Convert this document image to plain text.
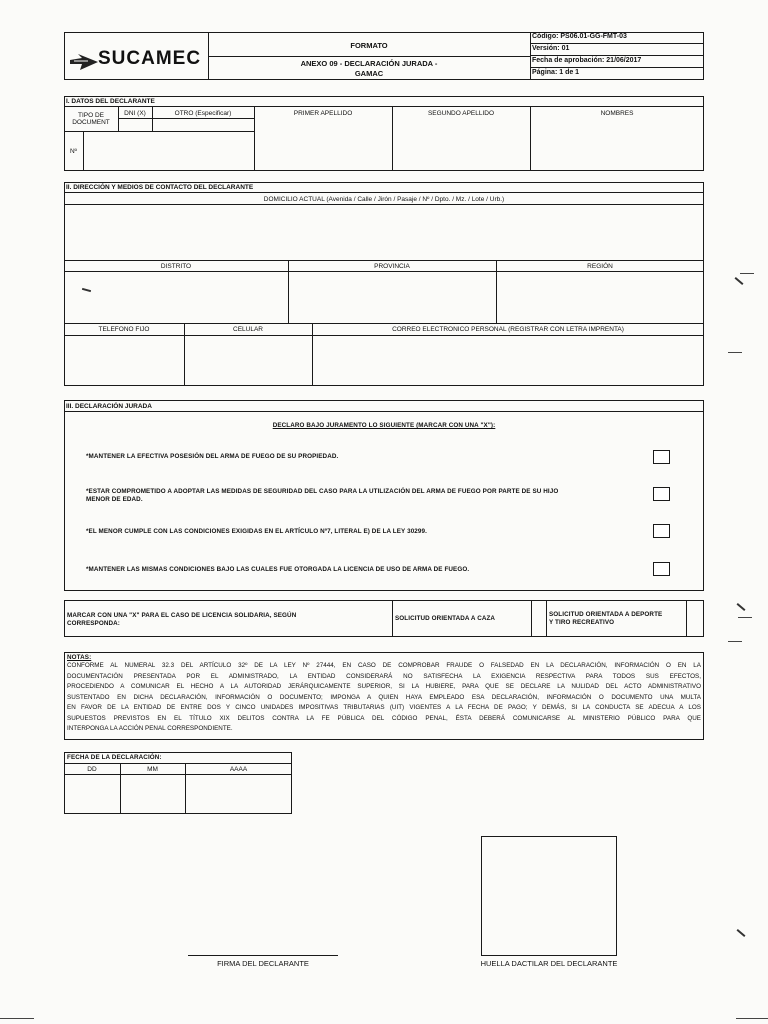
SUCAMEC
FORMATO
ANEXO 09 - DECLARACIÓN JURADA -
GAMAC
Código: PS06.01-GG-FMT-03
Versión: 01
Fecha de aprobación: 21/06/2017
Página: 1 de 1
I. DATOS DEL DECLARANTE
TIPO DE DOCUMENT
DNI (X)	OTRO (Especificar)
Nº
PRIMER APELLIDO	SEGUNDO APELLIDO	NOMBRES
II. DIRECCIÓN Y MEDIOS DE CONTACTO DEL DECLARANTE
DOMICILIO ACTUAL (Avenida / Calle / Jirón / Pasaje / Nº / Dpto. / Mz. / Lote / Urb.)
DISTRITO	PROVINCIA	REGIÓN
TELEFONO FIJO	CELULAR	CORREO ELECTRONICO PERSONAL (REGISTRAR CON LETRA IMPRENTA)
III. DECLARACIÓN JURADA
DECLARO BAJO JURAMENTO LO SIGUIENTE (MARCAR CON UNA "X"):
*MANTENER LA EFECTIVA POSESIÓN DEL ARMA DE FUEGO DE SU PROPIEDAD.
*ESTAR COMPROMETIDO A ADOPTAR LAS MEDIDAS DE SEGURIDAD DEL CASO PARA LA UTILIZACIÓN DEL ARMA DE FUEGO POR PARTE DE SU HIJO
MENOR DE EDAD.
*EL MENOR CUMPLE CON LAS CONDICIONES EXIGIDAS EN EL ARTÍCULO Nº7, LITERAL E) DE LA LEY 30299.
*MANTENER LAS MISMAS CONDICIONES BAJO LAS CUALES FUE OTORGADA LA LICENCIA DE USO DE ARMA DE FUEGO.
MARCAR CON UNA "X" PARA EL CASO DE LICENCIA SOLIDARIA, SEGÚN
CORRESPONDA:
SOLICITUD ORIENTADA A CAZA
SOLICITUD ORIENTADA A DEPORTE
Y TIRO RECREATIVO
NOTAS:
CONFORME AL NUMERAL 32.3 DEL ARTÍCULO 32º DE LA LEY Nº 27444, EN CASO DE COMPROBAR FRAUDE O FALSEDAD EN LA DECLARACIÓN, INFORMACIÓN O EN LA
DOCUMENTACIÓN PRESENTADA POR EL ADMINISTRADO, LA ENTIDAD CONSIDERARÁ NO SATISFECHA LA EXIGENCIA RESPECTIVA PARA TODOS SUS EFECTOS,
PROCEDIENDO A COMUNICAR EL HECHO A LA AUTORIDAD JERÁRQUICAMENTE SUPERIOR, SI LA HUBIERE, PARA QUE SE DECLARE LA NULIDAD DEL ACTO ADMINISTRATIVO
SUSTENTADO EN DICHA DECLARACIÓN, INFORMACIÓN O DOCUMENTO; IMPONGA A QUIEN HAYA EMPLEADO ESA DECLARACIÓN, INFORMACIÓN O DOCUMENTO UNA MULTA
EN FAVOR DE LA ENTIDAD DE ENTRE DOS Y CINCO UNIDADES IMPOSITIVAS TRIBUTARIAS (UIT) VIGENTES A LA FECHA DE PAGO; Y DEMÁS, SI LA CONDUCTA SE ADECUA A LOS
SUPUESTOS PREVISTOS EN EL TÍTULO XIX DELITOS CONTRA LA FE PÚBLICA DEL CÓDIGO PENAL, ÉSTA DEBERÁ COMUNICARSE AL MINISTERIO PÚBLICO PARA QUE
INTERPONGA LA ACCIÓN PENAL CORRESPONDIENTE.
FECHA DE LA DECLARACIÓN:
DD	MM	AAAA
FIRMA DEL DECLARANTE	HUELLA DACTILAR DEL DECLARANTE
